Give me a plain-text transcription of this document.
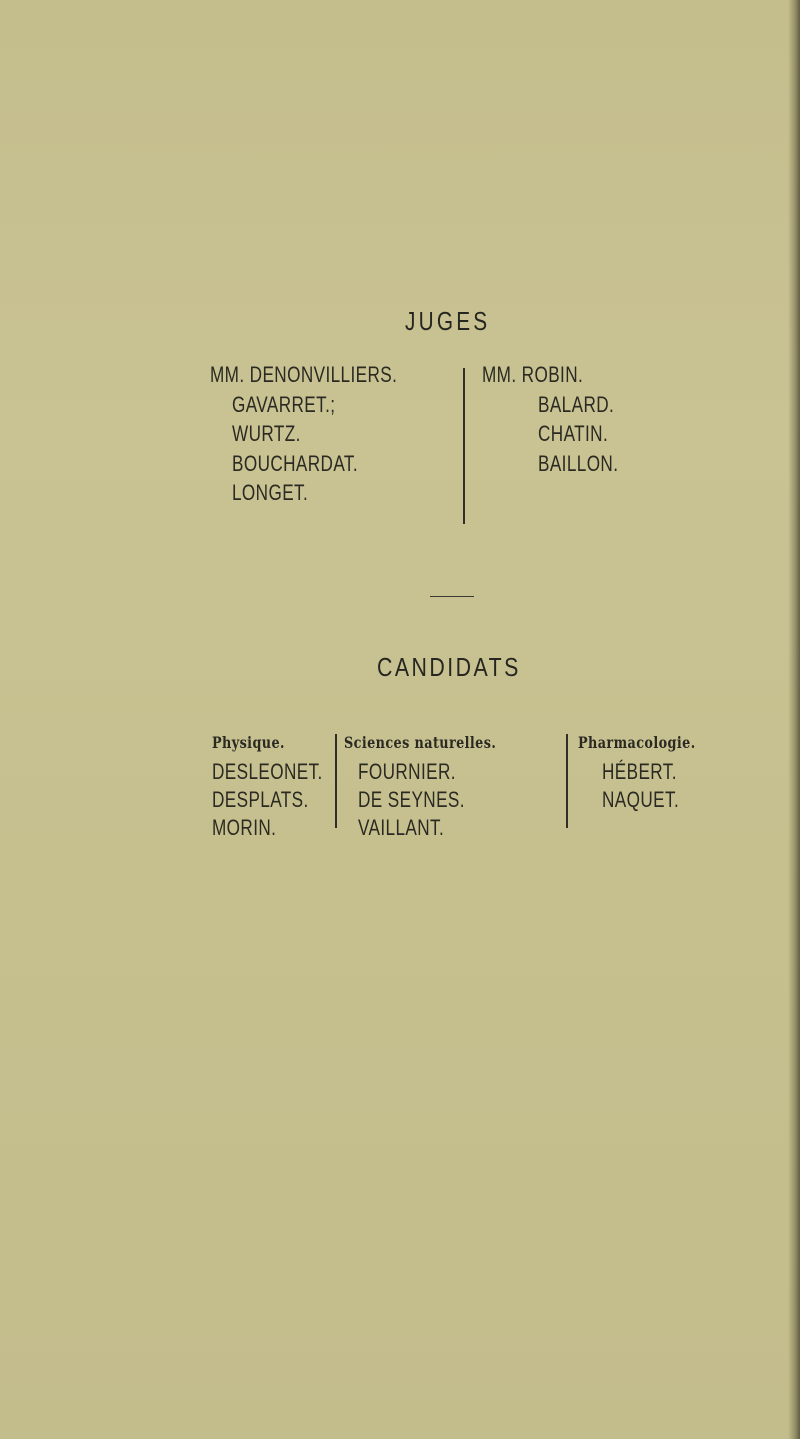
JUGES
MM. DENONVILLIERS.
GAVARRET.;
WURTZ.
BOUCHARDAT.
LONGET.
MM. ROBIN.
BALARD.
CHATIN.
BAILLON.
CANDIDATS
Physique.
DESLEONET.
DESPLATS.
MORIN.
Sciences naturelles.
FOURNIER.
DE SEYNES.
VAILLANT.
Pharmacologie.
HÉBERT.
NAQUET.
